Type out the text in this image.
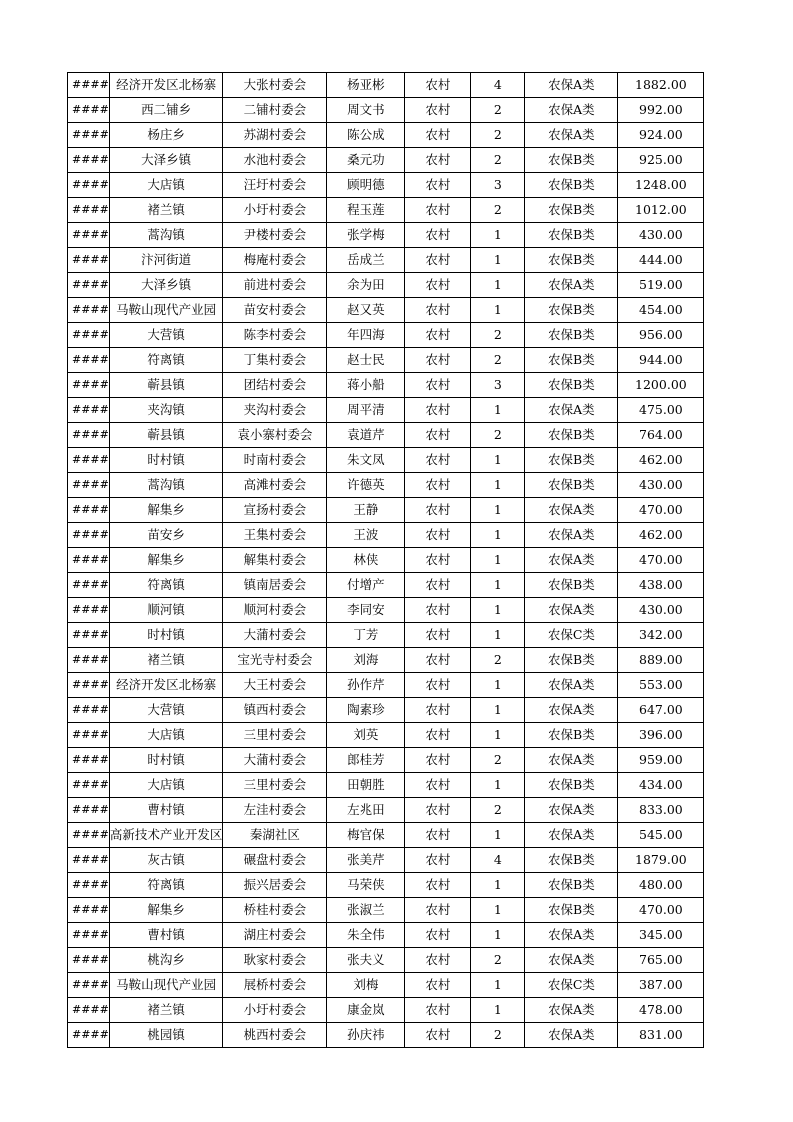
####	经济开发区北杨寨	大张村委会	杨亚彬	农村	4	农保A类	1882.00
####	西二铺乡	二铺村委会	周文书	农村	2	农保A类	992.00
####	杨庄乡	苏湖村委会	陈公成	农村	2	农保A类	924.00
####	大泽乡镇	水池村委会	桑元功	农村	2	农保B类	925.00
####	大店镇	汪圩村委会	顾明德	农村	3	农保B类	1248.00
####	褚兰镇	小圩村委会	程玉莲	农村	2	农保B类	1012.00
####	蒿沟镇	尹楼村委会	张学梅	农村	1	农保B类	430.00
####	汴河街道	梅庵村委会	岳成兰	农村	1	农保B类	444.00
####	大泽乡镇	前进村委会	余为田	农村	1	农保A类	519.00
####	马鞍山现代产业园	苗安村委会	赵又英	农村	1	农保B类	454.00
####	大营镇	陈李村委会	年四海	农村	2	农保B类	956.00
####	符离镇	丁集村委会	赵士民	农村	2	农保B类	944.00
####	蕲县镇	团结村委会	蒋小船	农村	3	农保B类	1200.00
####	夹沟镇	夹沟村委会	周平清	农村	1	农保A类	475.00
####	蕲县镇	袁小寨村委会	袁道芹	农村	2	农保B类	764.00
####	时村镇	时南村委会	朱文凤	农村	1	农保B类	462.00
####	蒿沟镇	高滩村委会	许德英	农村	1	农保B类	430.00
####	解集乡	宣扬村委会	王静	农村	1	农保A类	470.00
####	苗安乡	王集村委会	王波	农村	1	农保A类	462.00
####	解集乡	解集村委会	林侠	农村	1	农保A类	470.00
####	符离镇	镇南居委会	付增产	农村	1	农保B类	438.00
####	顺河镇	顺河村委会	李同安	农村	1	农保A类	430.00
####	时村镇	大蒲村委会	丁芳	农村	1	农保C类	342.00
####	褚兰镇	宝光寺村委会	刘海	农村	2	农保B类	889.00
####	经济开发区北杨寨	大王村委会	孙作芹	农村	1	农保A类	553.00
####	大营镇	镇西村委会	陶素珍	农村	1	农保A类	647.00
####	大店镇	三里村委会	刘英	农村	1	农保B类	396.00
####	时村镇	大蒲村委会	郎桂芳	农村	2	农保A类	959.00
####	大店镇	三里村委会	田朝胜	农村	1	农保B类	434.00
####	曹村镇	左洼村委会	左兆田	农村	2	农保A类	833.00
####	高新技术产业开发区	秦湖社区	梅官保	农村	1	农保A类	545.00
####	灰古镇	碾盘村委会	张美芹	农村	4	农保B类	1879.00
####	符离镇	振兴居委会	马荣侠	农村	1	农保B类	480.00
####	解集乡	桥桂村委会	张淑兰	农村	1	农保B类	470.00
####	曹村镇	湖庄村委会	朱全伟	农村	1	农保A类	345.00
####	桃沟乡	耿家村委会	张夫义	农村	2	农保A类	765.00
####	马鞍山现代产业园	展桥村委会	刘梅	农村	1	农保C类	387.00
####	褚兰镇	小圩村委会	康金岚	农村	1	农保A类	478.00
####	桃园镇	桃西村委会	孙庆祎	农村	2	农保A类	831.00
